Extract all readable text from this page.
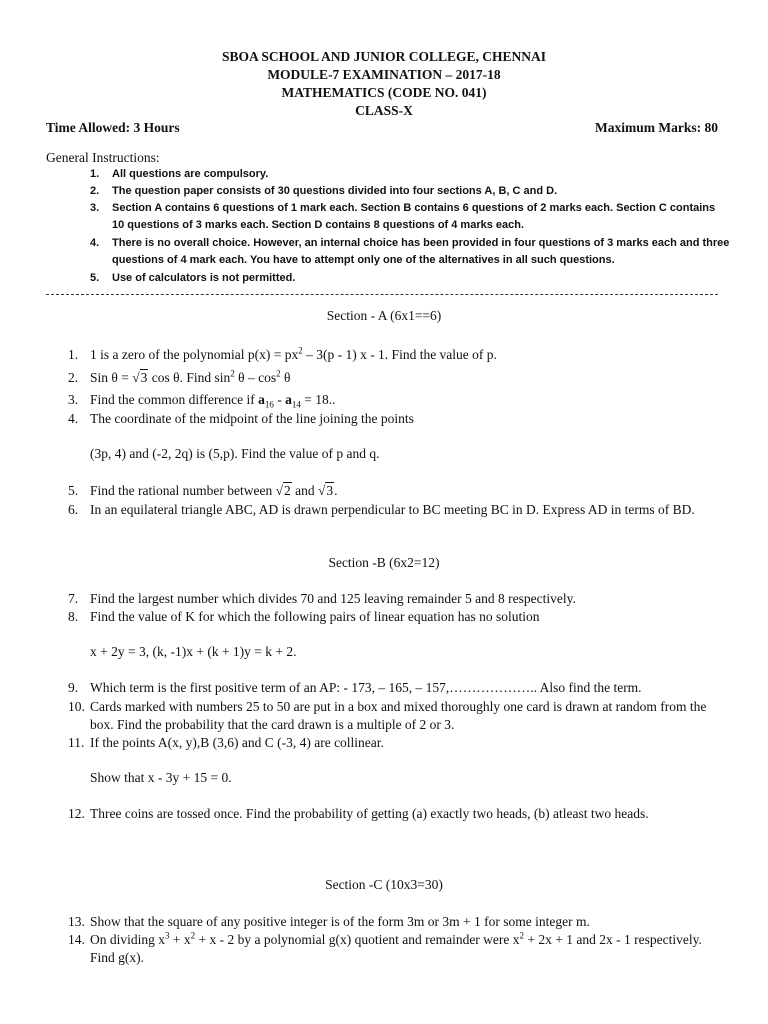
SBOA SCHOOL AND JUNIOR COLLEGE, CHENNAI
MODULE-7 EXAMINATION – 2017-18
MATHEMATICS (CODE NO. 041)
CLASS-X
Time Allowed: 3 Hours	Maximum Marks: 80
General Instructions:
1. All questions are compulsory.
2. The question paper consists of 30 questions divided into four sections A, B, C and D.
3. Section A contains 6 questions of 1 mark each. Section B contains 6 questions of 2 marks each. Section C contains 10 questions of 3 marks each. Section D contains 8 questions of 4 marks each.
4. There is no overall choice. However, an internal choice has been provided in four questions of 3 marks each and three questions of 4 mark each. You have to attempt only one of the alternatives in all such questions.
5. Use of calculators is not permitted.
Section - A (6x1==6)
1. 1 is a zero of the polynomial $p(x) = px^2 - 3(p - 1)$ x - 1. Find the value of p.
2. Sin θ = √3 cos θ. Find $\sin^2 \theta - \cos^2 \theta$
3. Find the common difference if $a_{16} - a_{14} = 18$..
4. The coordinate of the midpoint of the line joining the points
(3p, 4) and (-2, 2q) is (5,p). Find the value of p and q.
5. Find the rational number between √2 and √3.
6. In an equilateral triangle ABC, AD is drawn perpendicular to BC meeting BC in D. Express AD in terms of BD.
Section -B (6x2=12)
7. Find the largest number which divides 70 and 125 leaving remainder 5 and 8 respectively.
8. Find the value of K for which the following pairs of linear equation has no solution
x + 2y = 3, (k, -1)x + (k + 1)y = k + 2.
9. Which term is the first positive term of an AP: - 173, – 165, – 157,……………….. Also find the term.
10. Cards marked with numbers 25 to 50 are put in a box and mixed thoroughly one card is drawn at random from the box. Find the probability that the card drawn is a multiple of 2 or 3.
11. If the points A(x, y),B (3,6) and C (-3, 4) are collinear.
Show that x - 3y + 15 = 0.
12. Three coins are tossed once. Find the probability of getting (a) exactly two heads, (b) atleast two heads.
Section -C (10x3=30)
13. Show that the square of any positive integer is of the form 3m or 3m + 1 for some integer m.
14. On dividing $x^3 + x^2 + x - 2$ by a polynomial g(x) quotient and remainder were $x^2 + 2x + 1$ and 2x - 1 respectively. Find g(x).
